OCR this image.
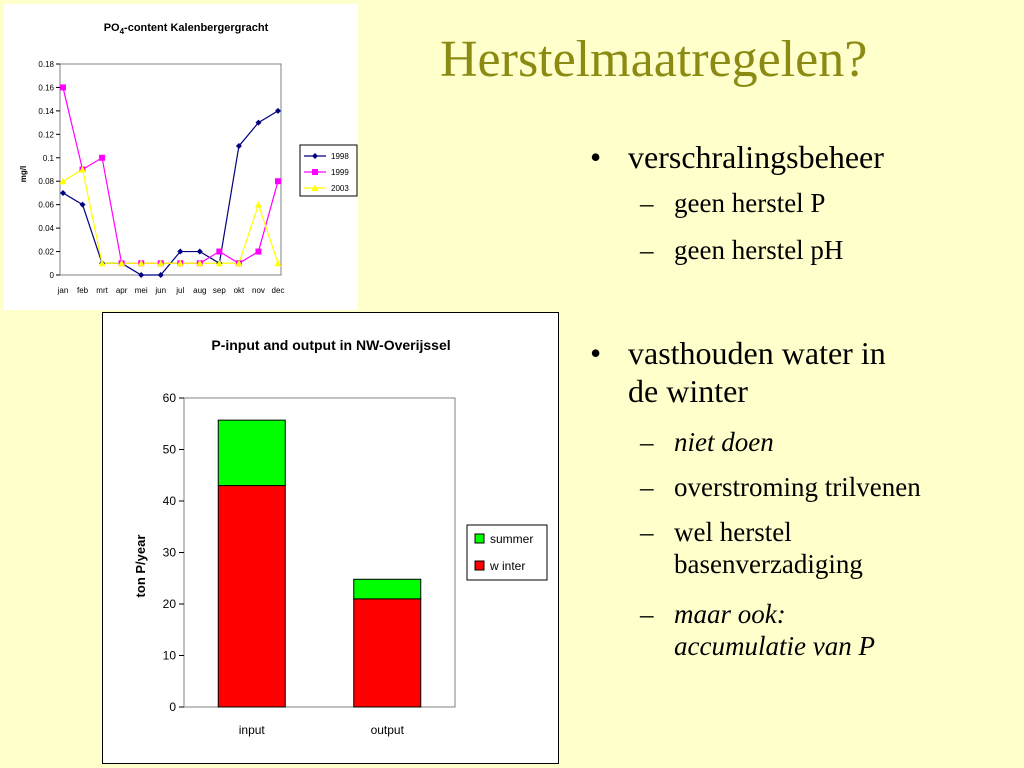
Herstelmaatregelen?
• verschralingsbeheer
– geen herstel P
– geen herstel pH
• vasthouden water in
de winter
– niet doen
– overstroming trilvenen
– wel herstel basenverzadiging
– maar ook: accumulatie van P
$PO_4$-content Kalenbergergracht
mg/l
0
0.02
0.04
0.06
0.08
0.1
0.12
0.14
0.16
0.18
jan feb mrt apr mei jun jul aug sep okt nov dec
1998
1999
2003
P-input and output in NW-Overijssel
ton P/year
0
10
20
30
40
50
60
input	output
summer
w inter
